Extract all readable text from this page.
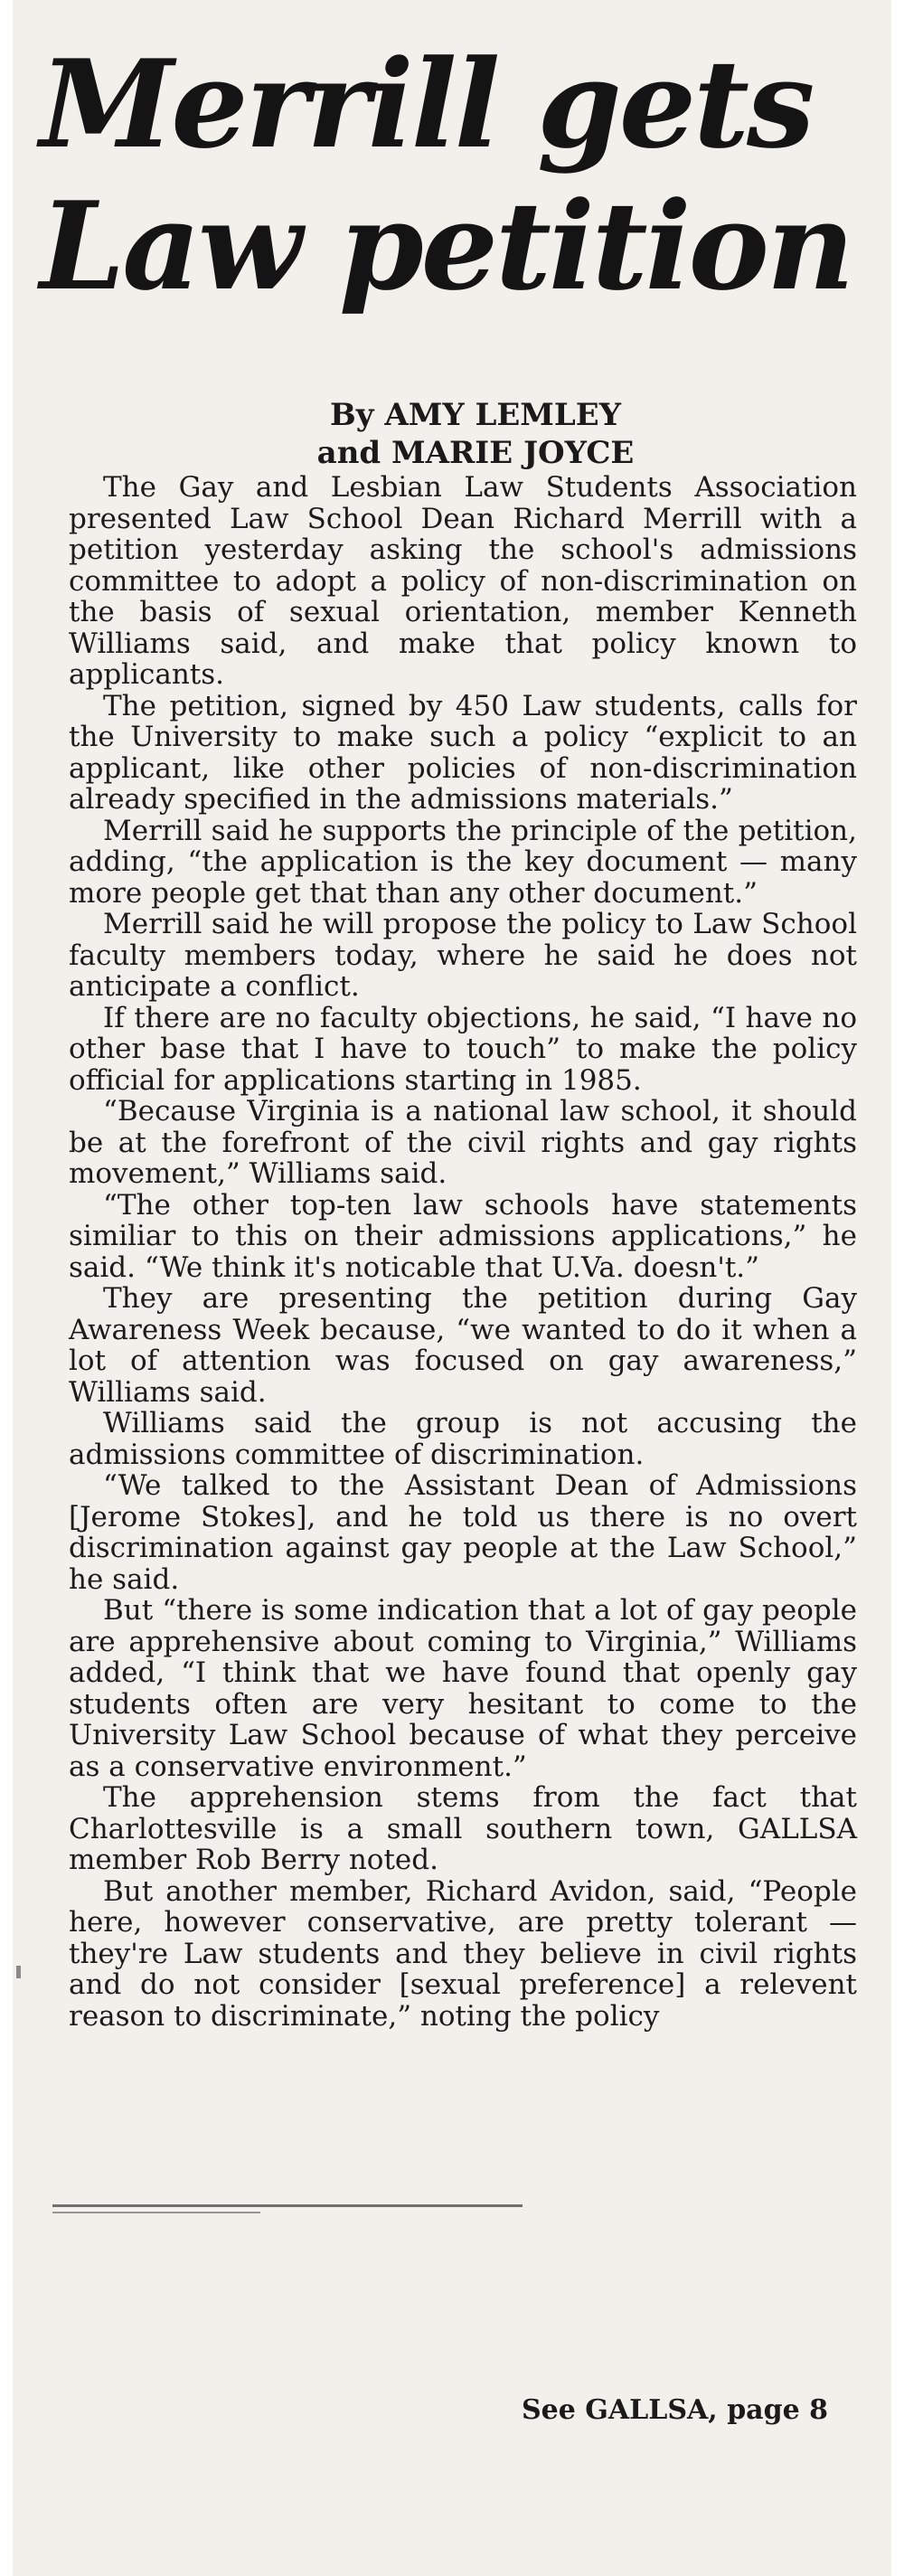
Merrill gets
Law petition
By AMY LEMLEY
and MARIE JOYCE

The Gay and Lesbian Law Students Association presented Law School Dean Richard Merrill with a petition yesterday asking the school's admissions committee to adopt a policy of non-discrimination on the basis of sexual orientation, member Kenneth Williams said, and make that policy known to applicants.

The petition, signed by 450 Law students, calls for the University to make such a policy “explicit to an applicant, like other policies of non-discrimination already specified in the admissions materials.”

Merrill said he supports the principle of the petition, adding, “the application is the key document — many more people get that than any other document.”

Merrill said he will propose the policy to Law School faculty members today, where he said he does not anticipate a conflict.

If there are no faculty objections, he said, “I have no other base that I have to touch” to make the policy official for applications starting in 1985.

“Because Virginia is a national law school, it should be at the forefront of the civil rights and gay rights movement,” Williams said.

“The other top-ten law schools have statements similiar to this on their admissions applications,” he said. “We think it's noticable that U.Va. doesn't.”

They are presenting the petition during Gay Awareness Week because, “we wanted to do it when a lot of attention was focused on gay awareness,” Williams said.

Williams said the group is not accusing the admissions committee of discrimination.

“We talked to the Assistant Dean of Admissions [Jerome Stokes], and he told us there is no overt discrimination against gay people at the Law School,” he said.

But “there is some indication that a lot of gay people are apprehensive about coming to Virginia,” Williams added, “I think that we have found that openly gay students often are very hesitant to come to the University Law School because of what they perceive as a conservative environment.”

The apprehension stems from the fact that Charlottesville is a small southern town, GALLSA member Rob Berry noted.

But another member, Richard Avidon, said, “People here, however conservative, are pretty tolerant — they're Law students and they believe in civil rights and do not consider [sexual preference] a relevent reason to discriminate,” noting the policy

See GALLSA, page 8
